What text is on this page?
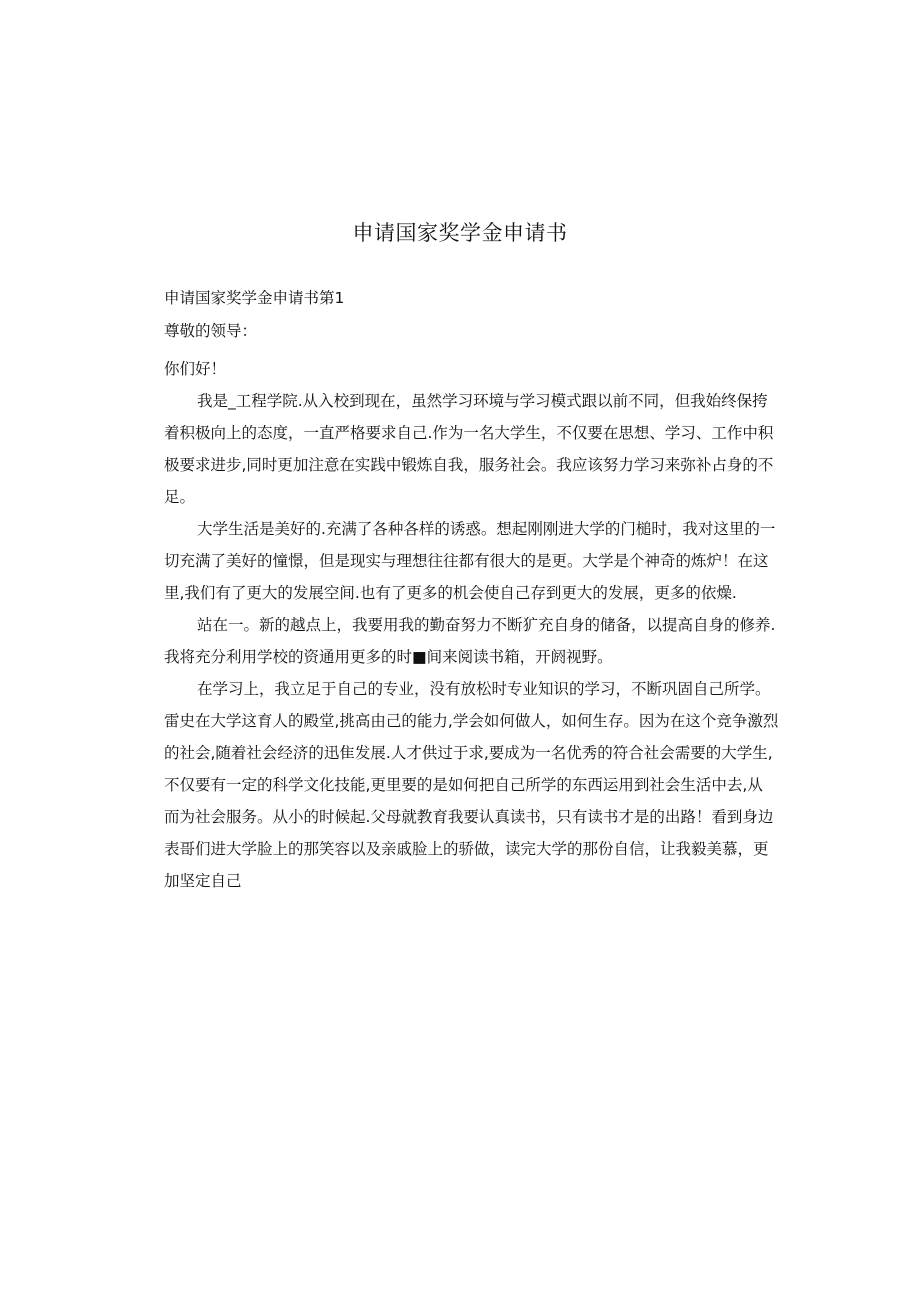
申请国家奖学金申请书

申请国家奖学金申请书第1

尊敬的领导：

你们好！

我是_工程学院.从入校到现在，虽然学习环境与学习模式跟以前不同，但我始终保挎
着积极向上的态度，一直严格要求自己.作为一名大学生，不仅要在思想、学习、工作中积
极要求进步,同时更加注意在实践中锻炼自我，服务社会。我应该努力学习来弥补占身的不
足。
大学生活是美好的.充满了各种各样的诱惑。想起刚刚进大学的门槌时，我对这里的一
切充满了美好的憧憬，但是现实与理想往往都有很大的是更。大学是个神奇的炼炉！在这
里,我们有了更大的发展空间.也有了更多的机会使自己存到更大的发展，更多的依燥.
站在一。新的越点上，我要用我的勤奋努力不断犷充自身的储备，以提高自身的修养.
我将充分利用学校的资通用更多的时■间来阅读书箱，开阏视野。
在学习上，我立足于自己的专业，没有放松时专业知识的学习，不断巩固自己所学。
雷史在大学这育人的殿堂,挑高由己的能力,学会如何做人，如何生存。因为在这个竞争激烈
的社会,随着社会经济的迅隹发展.人才供过于求,要成为一名优秀的符合社会需要的大学生,
不仅要有一定的科学文化技能,更里要的是如何把自己所学的东西运用到社会生活中去,从
而为社会服务。从小的时候起.父母就教育我要认真读书，只有读书才是的出路！看到身边
表哥们进大学脸上的那笑容以及亲戚脸上的骄做，读完大学的那份自信，让我毅美慕，更
加坚定自己
